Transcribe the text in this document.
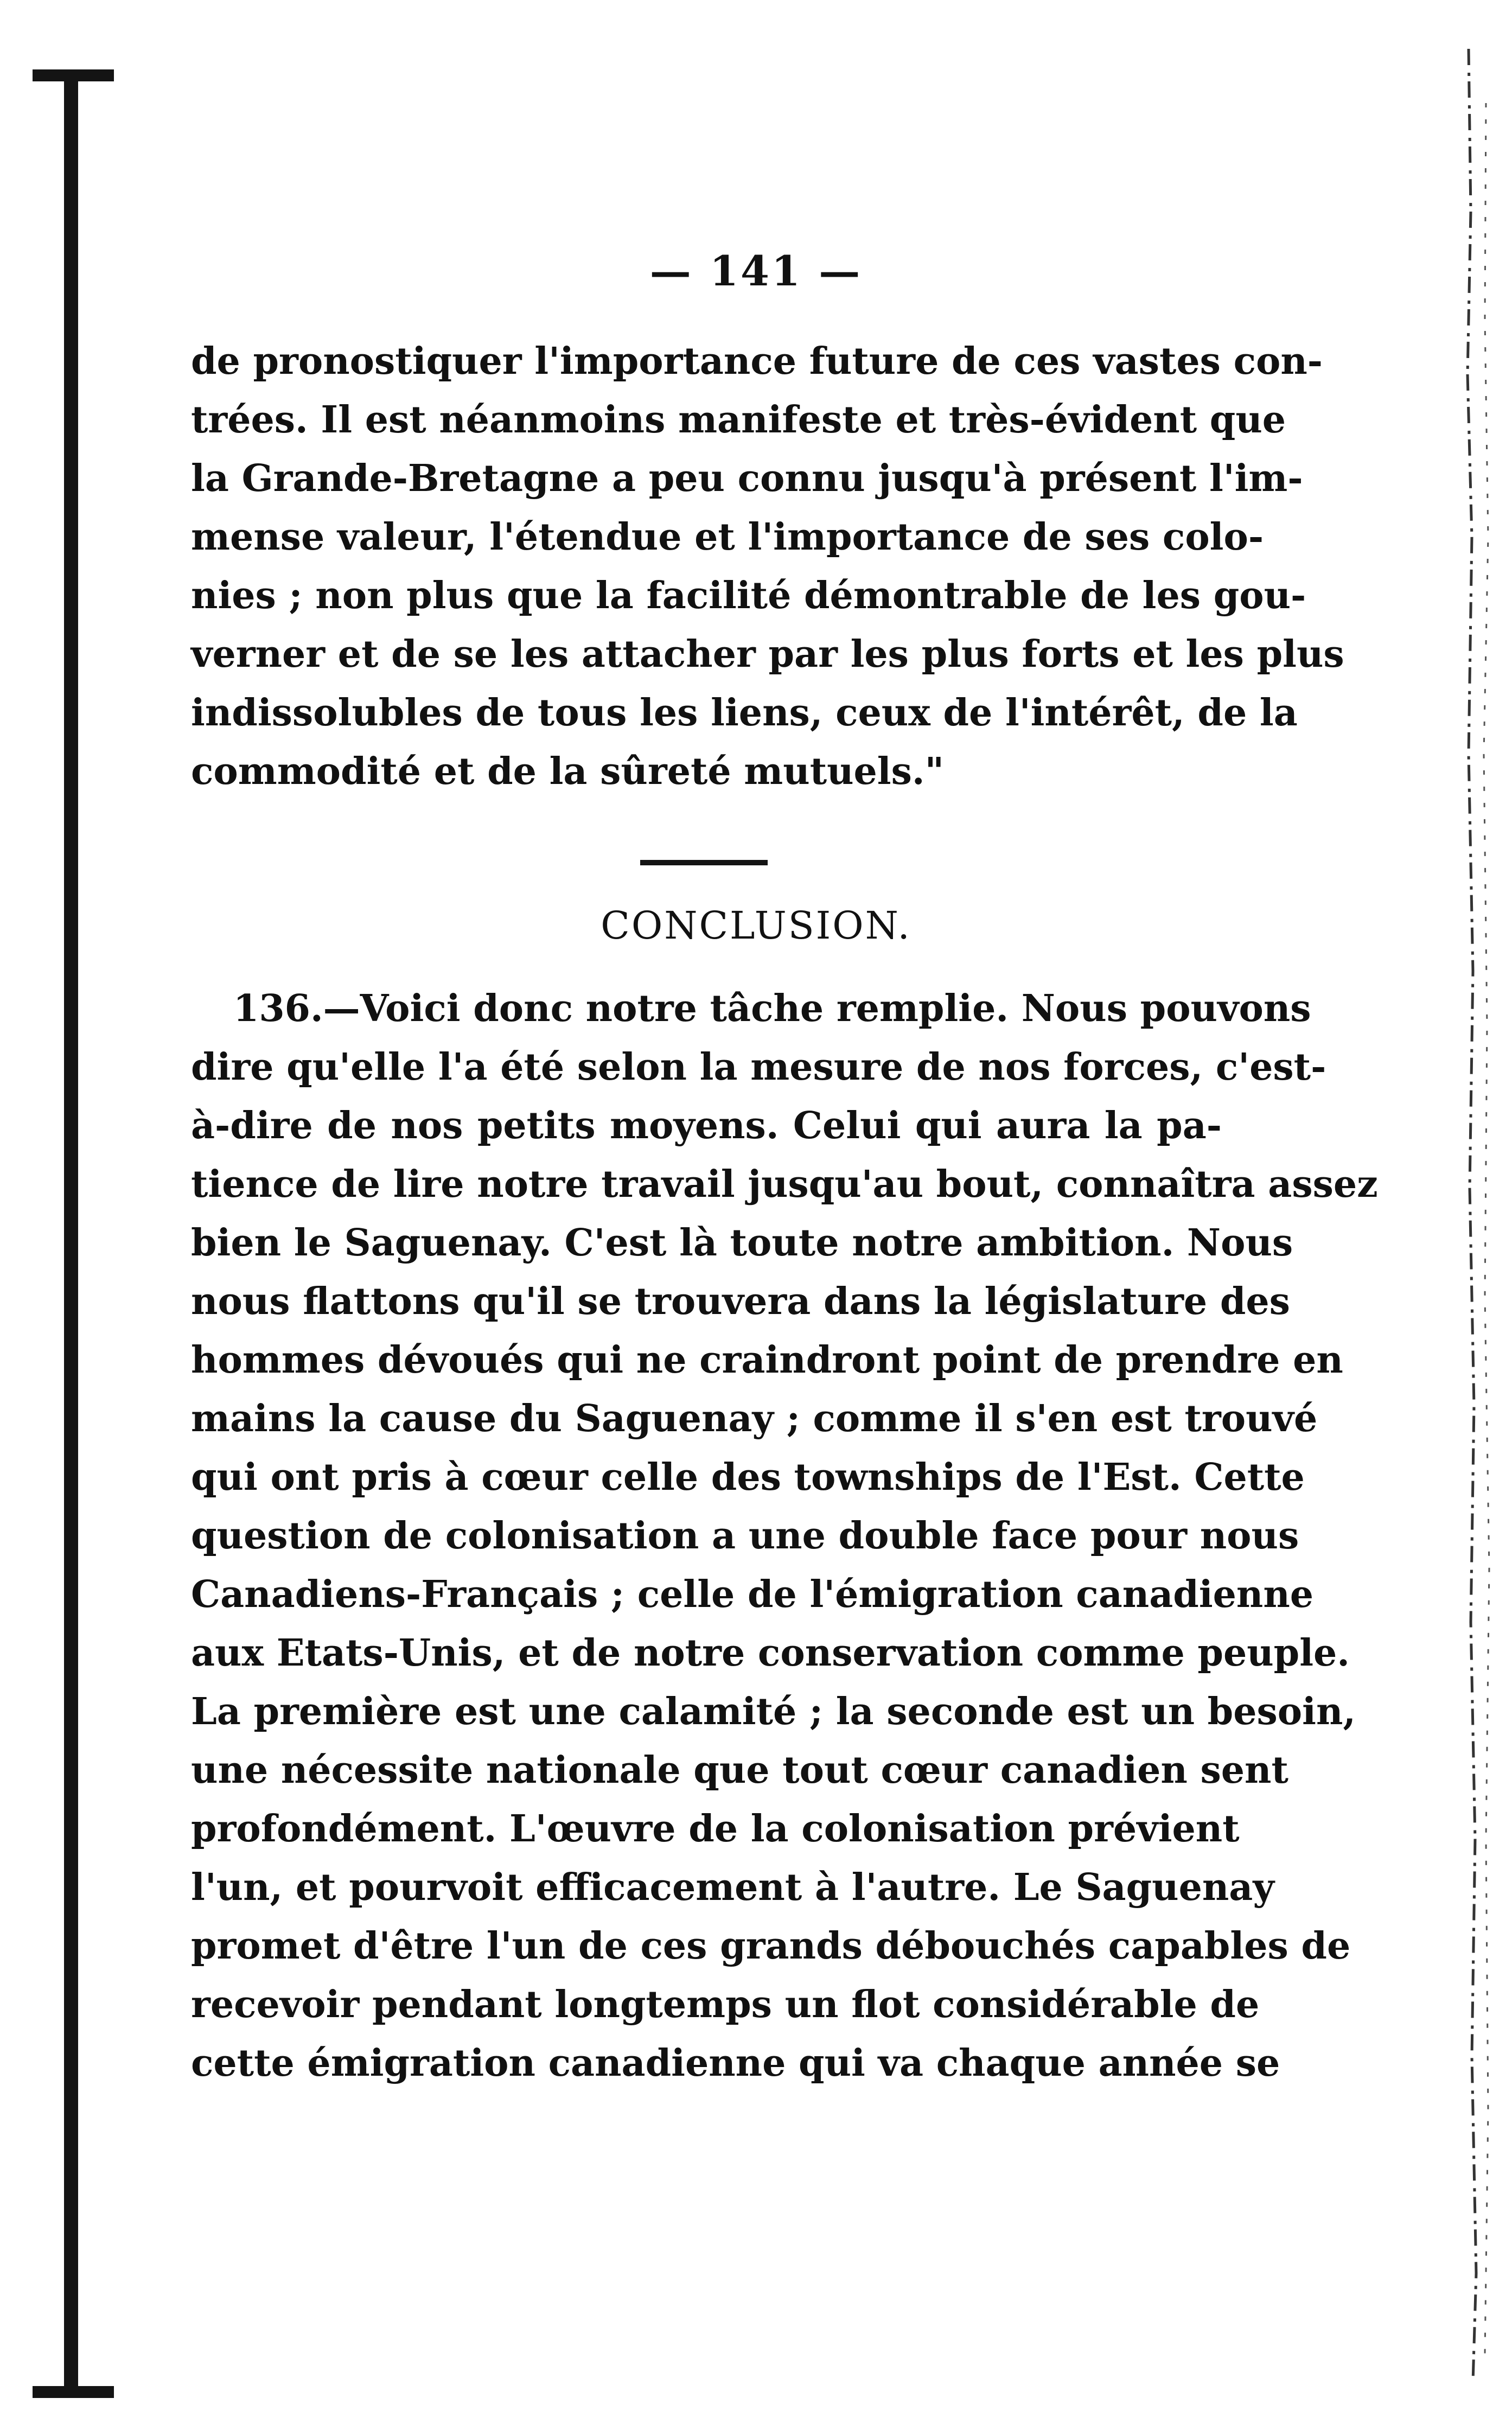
— 141 —
de pronostiquer l'importance future de ces vastes con-
trées. Il est néanmoins manifeste et très-évident que
la Grande-Bretagne a peu connu jusqu'à présent l'im-
mense valeur, l'étendue et l'importance de ses colo-
nies ; non plus que la facilité démontrable de les gou-
verner et de se les attacher par les plus forts et les plus
indissolubles de tous les liens, ceux de l'intérêt, de la
commodité et de la sûreté mutuels."
CONCLUSION.
136.—Voici donc notre tâche remplie. Nous pouvons
dire qu'elle l'a été selon la mesure de nos forces, c'est-
à-dire de nos petits moyens. Celui qui aura la pa-
tience de lire notre travail jusqu'au bout, connaîtra assez
bien le Saguenay. C'est là toute notre ambition. Nous
nous flattons qu'il se trouvera dans la législature des
hommes dévoués qui ne craindront point de prendre en
mains la cause du Saguenay ; comme il s'en est trouvé
qui ont pris à cœur celle des townships de l'Est. Cette
question de colonisation a une double face pour nous
Canadiens-Français ; celle de l'émigration canadienne
aux Etats-Unis, et de notre conservation comme peuple.
La première est une calamité ; la seconde est un besoin,
une nécessite nationale que tout cœur canadien sent
profondément. L'œuvre de la colonisation prévient
l'un, et pourvoit efficacement à l'autre. Le Saguenay
promet d'être l'un de ces grands débouchés capables de
recevoir pendant longtemps un flot considérable de
cette émigration canadienne qui va chaque année se
